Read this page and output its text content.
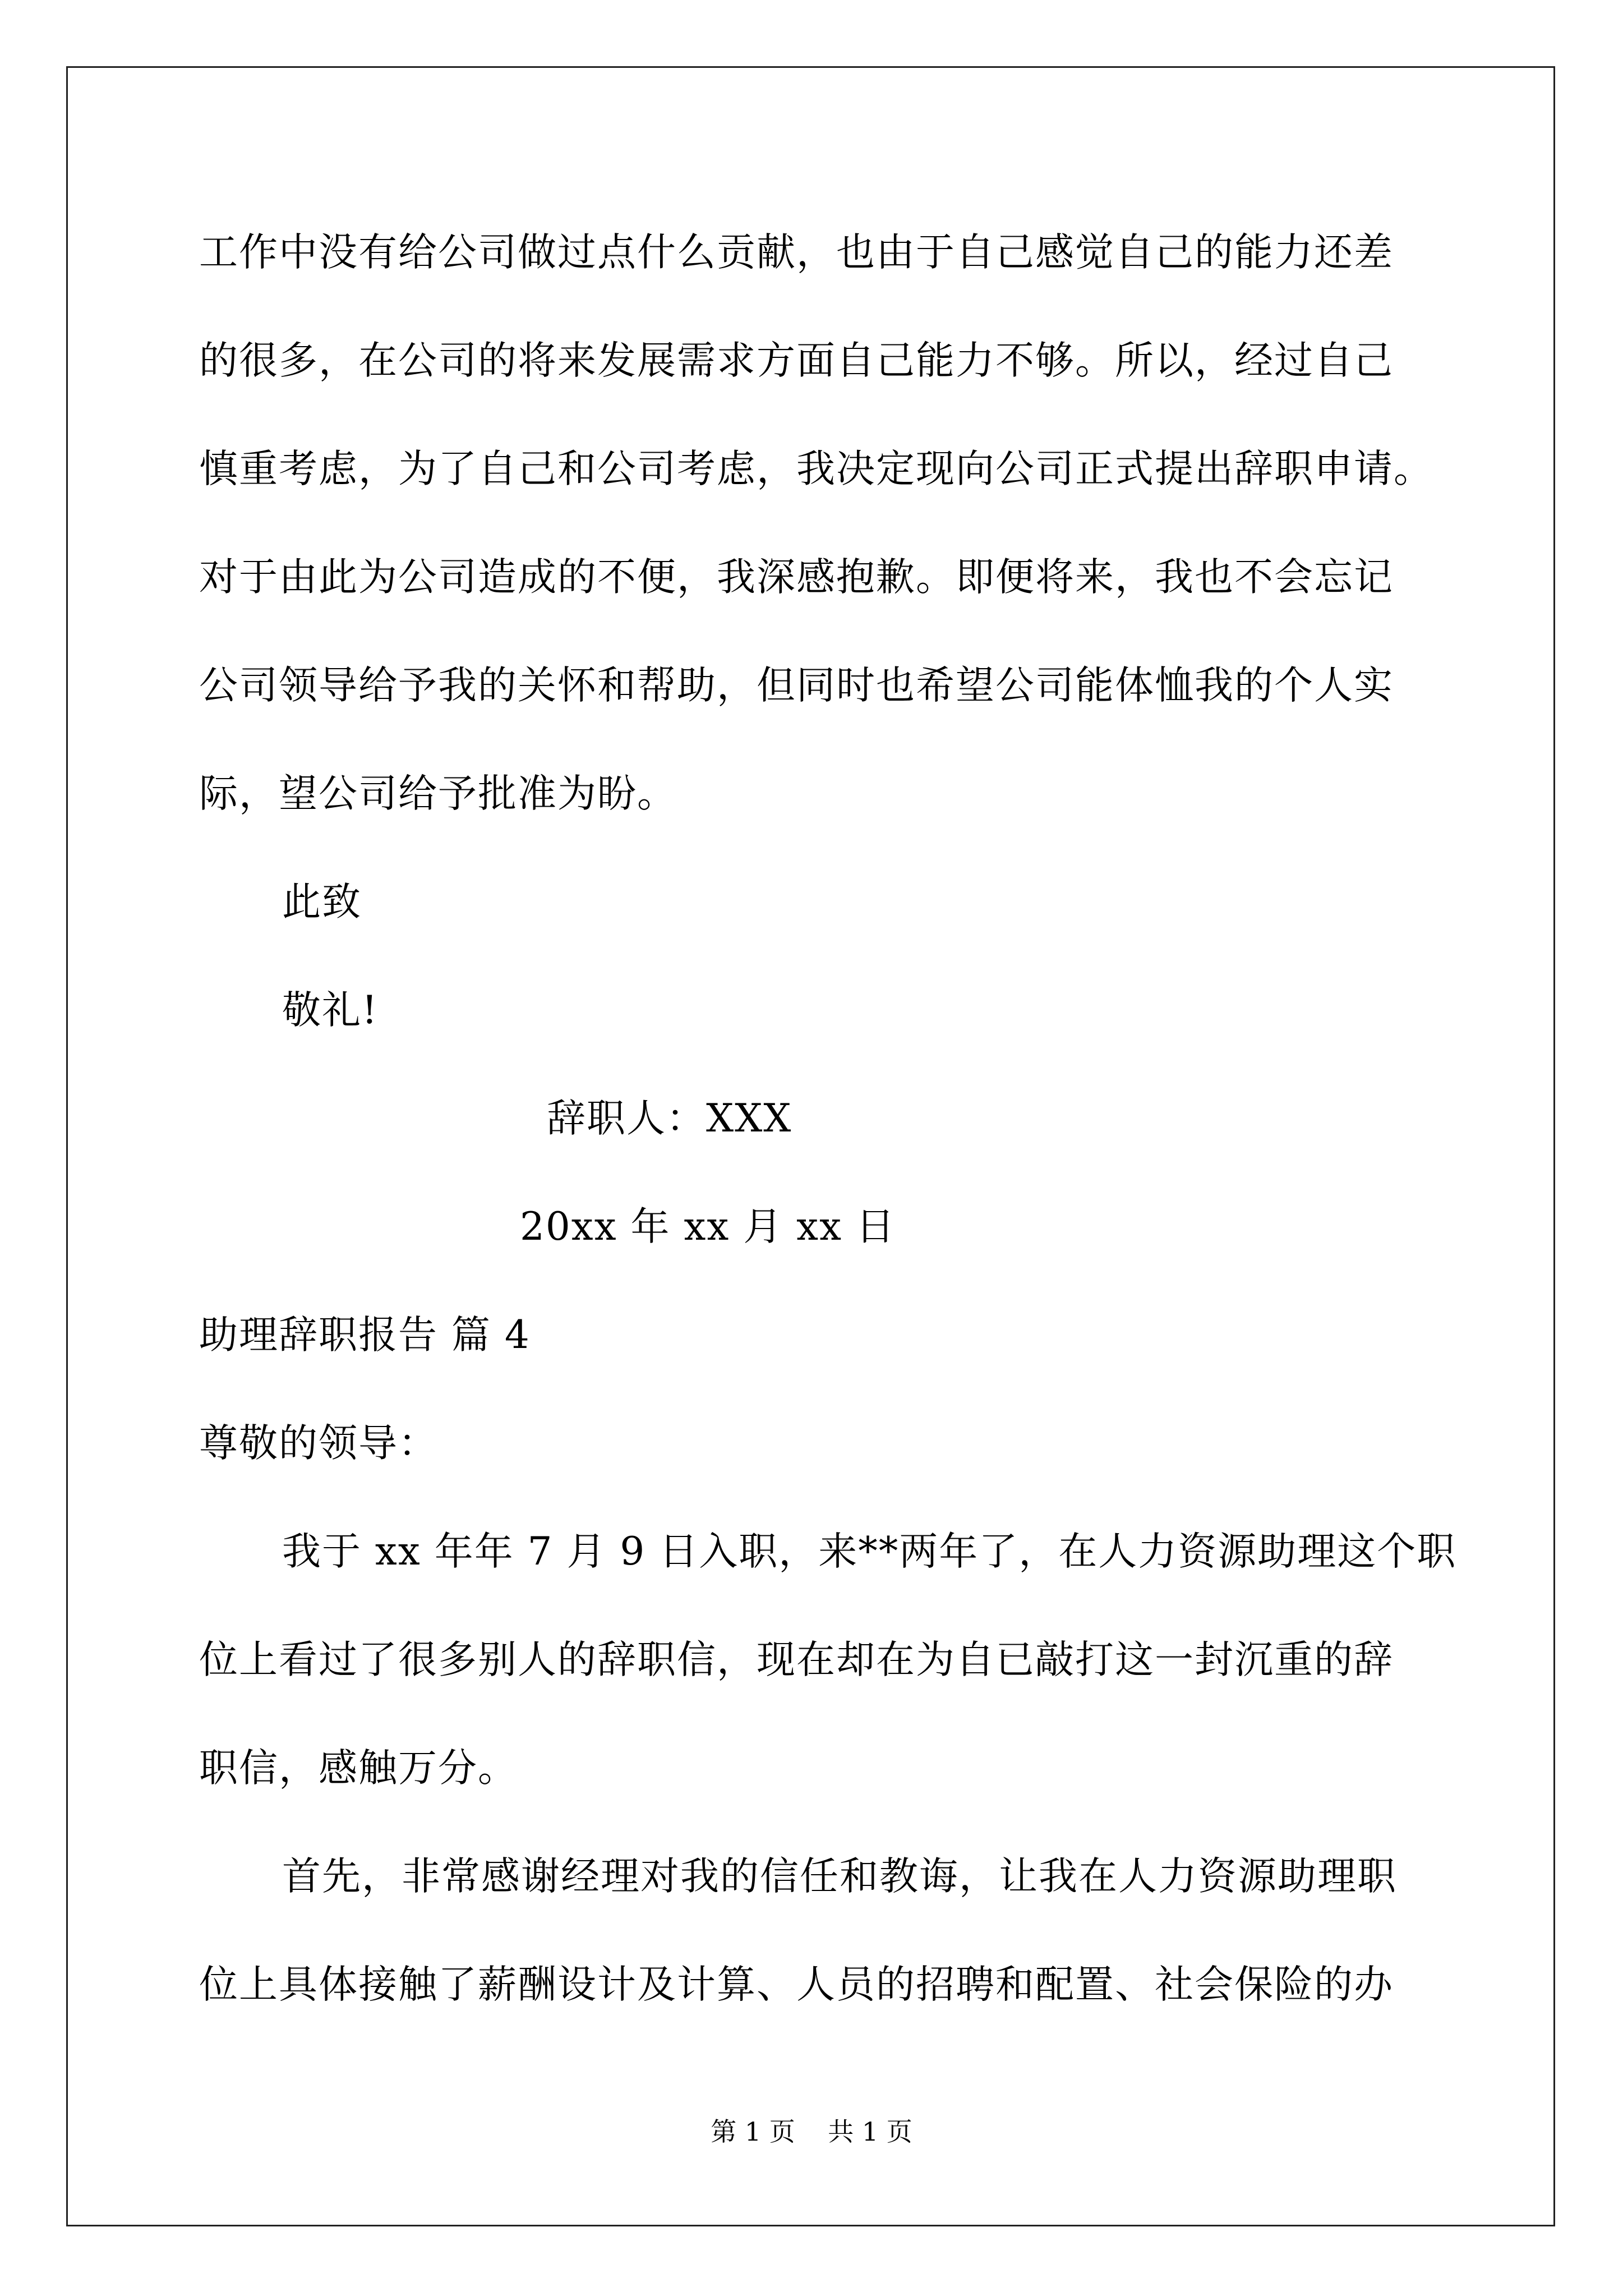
工作中没有给公司做过点什么贡献，也由于自己感觉自己的能力还差
的很多，在公司的将来发展需求方面自己能力不够。所以，经过自己
慎重考虑，为了自己和公司考虑，我决定现向公司正式提出辞职申请。
对于由此为公司造成的不便，我深感抱歉。即便将来，我也不会忘记
公司领导给予我的关怀和帮助，但同时也希望公司能体恤我的个人实
际，望公司给予批准为盼。
此致
敬礼!
辞职人：XXX
20xx 年 xx 月 xx 日
助理辞职报告 篇 4
尊敬的领导：
我于 xx 年年 7 月 9 日入职，来**两年了，在人力资源助理这个职
位上看过了很多别人的辞职信，现在却在为自已敲打这一封沉重的辞
职信，感触万分。
首先，非常感谢经理对我的信任和教诲，让我在人力资源助理职
位上具体接触了薪酬设计及计算、人员的招聘和配置、社会保险的办
第 1 页    共 1 页
